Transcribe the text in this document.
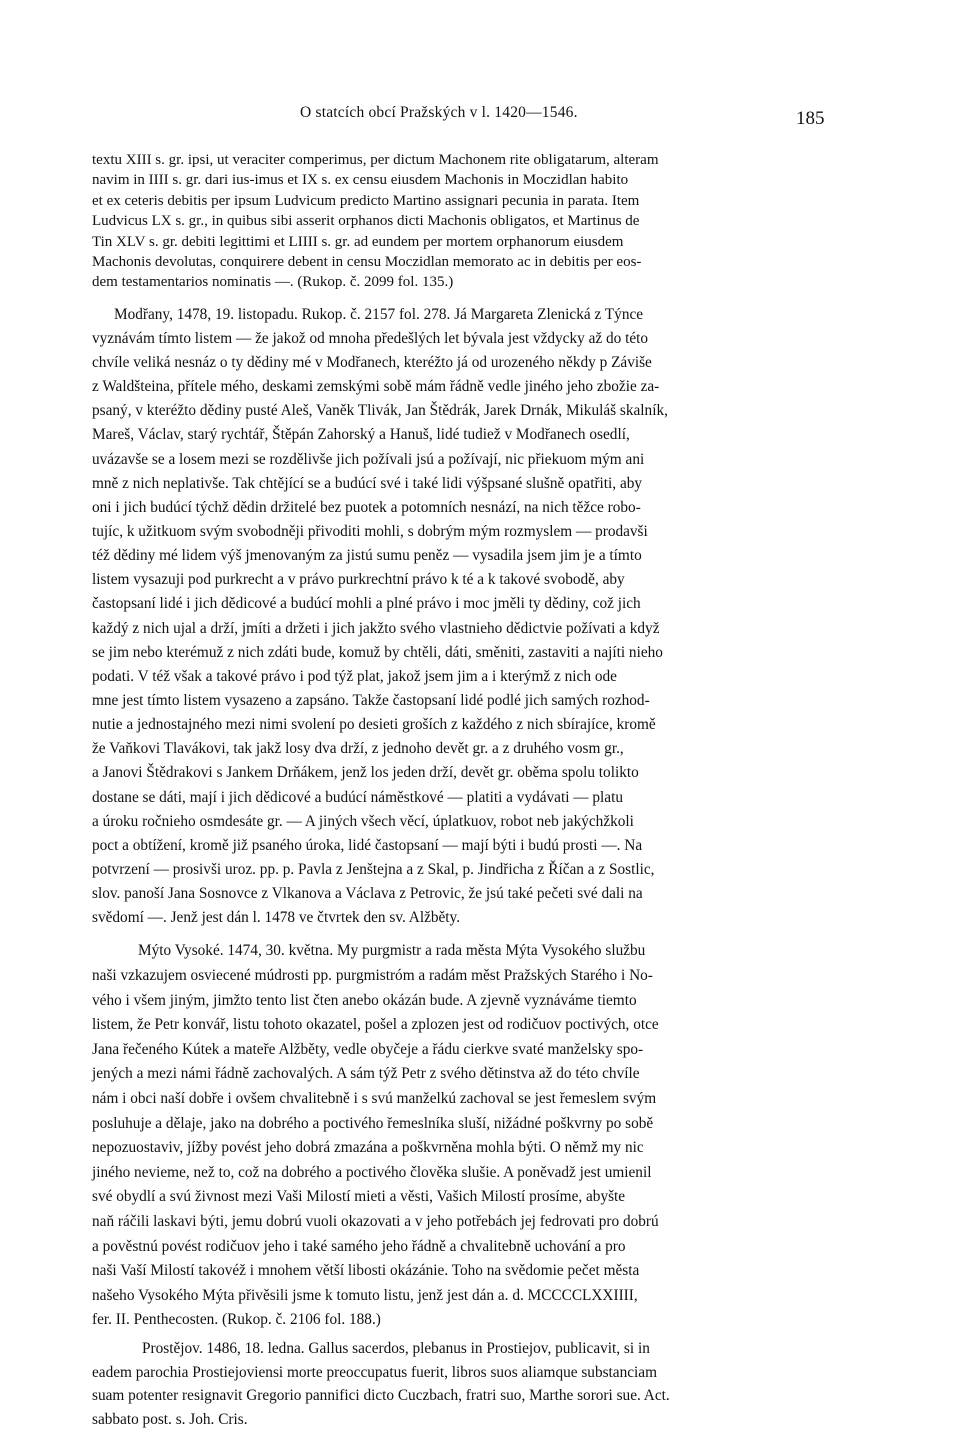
O statcích obcí Pražských v l. 1420—1546.	185
textu XIII s. gr. ipsi, ut veraciter comperimus, per dictum Machonem rite obligatarum, alteram
navim in IIII s. gr. dari ius-imus et IX s. ex censu eiusdem Machonis in Moczidlan habito
et ex ceteris debitis per ipsum Ludvicum predicto Martino assignari pecunia in parata. Item
Ludvicus LX s. gr., in quibus sibi asserit orphanos dicti Machonis obligatos, et Martinus de
Tin XLV s. gr. debiti legittimi et LIIII s. gr. ad eundem per mortem orphanorum eiusdem
Machonis devolutas, conquirere debent in censu Moczidlan memorato ac in debitis per eos-
dem testamentarios nominatis —. (Rukop. č. 2099 fol. 135.)
Modřany, 1478, 19. listopadu. Rukop. č. 2157 fol. 278. Já Margareta Zlenická z Týnce
vyznávám tímto listem — že jakož od mnoha předešlých let bývala jest vždycky až do této
chvíle veliká nesnáz o ty dědiny mé v Modřanech, kteréžto já od urozeného někdy p Záviše
z Waldšteina, přítele mého, deskami zemskými sobě mám řádně vedle jiného jeho zbožie za-
psaný, v kteréžto dědiny pusté Aleš, Vaněk Tlivák, Jan Štědrák, Jarek Drnák, Mikuláš skalník,
Mareš, Václav, starý rychtář, Štěpán Zahorský a Hanuš, lidé tudiež v Modřanech osedlí,
uvázavše se a losem mezi se rozdělivše jich požívali jsú a požívají, nic přiekuom mým ani
mně z nich neplativše. Tak chtějící se a budúcí své i také lidi výšpsané slušně opatřiti, aby
oni i jich budúcí týchž dědin držitelé bez puotek a potomních nesnází, na nich těžce robo-
tujíc, k užitkuom svým svobodněji přivoditi mohli, s dobrým mým rozmyslem — prodavši
též dědiny mé lidem výš jmenovaným za jistú sumu peněz — vysadila jsem jim je a tímto
listem vysazuji pod purkrecht a v právo purkrechtní právo k té a k takové svobodě, aby
častopsaní lidé i jich dědicové a budúcí mohli a plné právo i moc jměli ty dědiny, což jich
každý z nich ujal a drží, jmíti a držeti i jich jakžto svého vlastnieho dědictvie požívati a když
se jim nebo kterémuž z nich zdáti bude, komuž by chtěli, dáti, směniti, zastaviti a najíti nieho
podati. V též však a takové právo i pod týž plat, jakož jsem jim a i kterýmž z nich ode
mne jest tímto listem vysazeno a zapsáno. Takže častopsaní lidé podlé jich samých rozhod-
nutie a jednostajného mezi nimi svolení po desieti groších z každého z nich sbírajíce, kromě
že Vaňkovi Tlavákovi, tak jakž losy dva drží, z jednoho devět gr. a z druhého vosm gr.,
a Janovi Štědrakovi s Jankem Drňákem, jenž los jeden drží, devět gr. oběma spolu tolikto
dostane se dáti, mají i jich dědicové a budúcí náměstkové — platiti a vydávati — platu
a úroku ročnieho osmdesáte gr. — A jiných všech věcí, úplatkuov, robot neb jakýchžkoli
poct a obtížení, kromě již psaného úroka, lidé častopsaní — mají býti i budú prosti —. Na
potvrzení — prosivši uroz. pp. p. Pavla z Jenštejna a z Skal, p. Jindřicha z Říčan a z Sostlic,
slov. panoší Jana Sosnovce z Vlkanova a Václava z Petrovic, že jsú také pečeti své dali na
svědomí —. Jenž jest dán l. 1478 ve čtvrtek den sv. Alžběty.
Mýto Vysoké. 1474, 30. května. My purgmistr a rada města Mýta Vysokého službu
naši vzkazujem osviecené múdrosti pp. purgmistróm a radám měst Pražských Starého i No-
vého i všem jiným, jimžto tento list čten anebo okázán bude. A zjevně vyznáváme tiemto
listem, že Petr konvář, listu tohoto okazatel, pošel a zplozen jest od rodičuov poctivých, otce
Jana řečeného Kútek a mateře Alžběty, vedle obyčeje a řádu cierkve svaté manželsky spo-
jených a mezi námi řádně zachovalých. A sám týž Petr z svého dětinstva až do této chvíle
nám i obci naší dobře i ovšem chvalitebně i s svú manželkú zachoval se jest řemeslem svým
posluhuje a dělaje, jako na dobrého a poctivého řemeslníka sluší, nižádné poškvrny po sobě
nepozuostaviv, jížby povést jeho dobrá zmazána a poškvrněna mohla býti. O němž my nic
jiného nevieme, než to, což na dobrého a poctivého člověka slušie. A poněvadž jest umienil
své obydlí a svú živnost mezi Vaši Milostí mieti a věsti, Vašich Milostí prosíme, abyšte
naň ráčili laskavi býti, jemu dobrú vuoli okazovati a v jeho potřebách jej fedrovati pro dobrú
a pověstnú povést rodičuov jeho i také samého jeho řádně a chvalitebně uchování a pro
naši Vaší Milostí takovéž i mnohem větší libosti okázánie. Toho na svědomie pečet města
našeho Vysokého Mýta přivěsili jsme k tomuto listu, jenž jest dán a. d. MCCCCLXXIIII,
fer. II. Penthecosten. (Rukop. č. 2106 fol. 188.)
Prostějov. 1486, 18. ledna. Gallus sacerdos, plebanus in Prostiejov, publicavit, si in
eadem parochia Prostiejoviensi morte preoccupatus fuerit, libros suos aliamque substanciam
suam potenter resignavit Gregorio pannifici dicto Cuczbach, fratri suo, Marthe sorori sue. Act.
sabbato post. s. Joh. Cris.
